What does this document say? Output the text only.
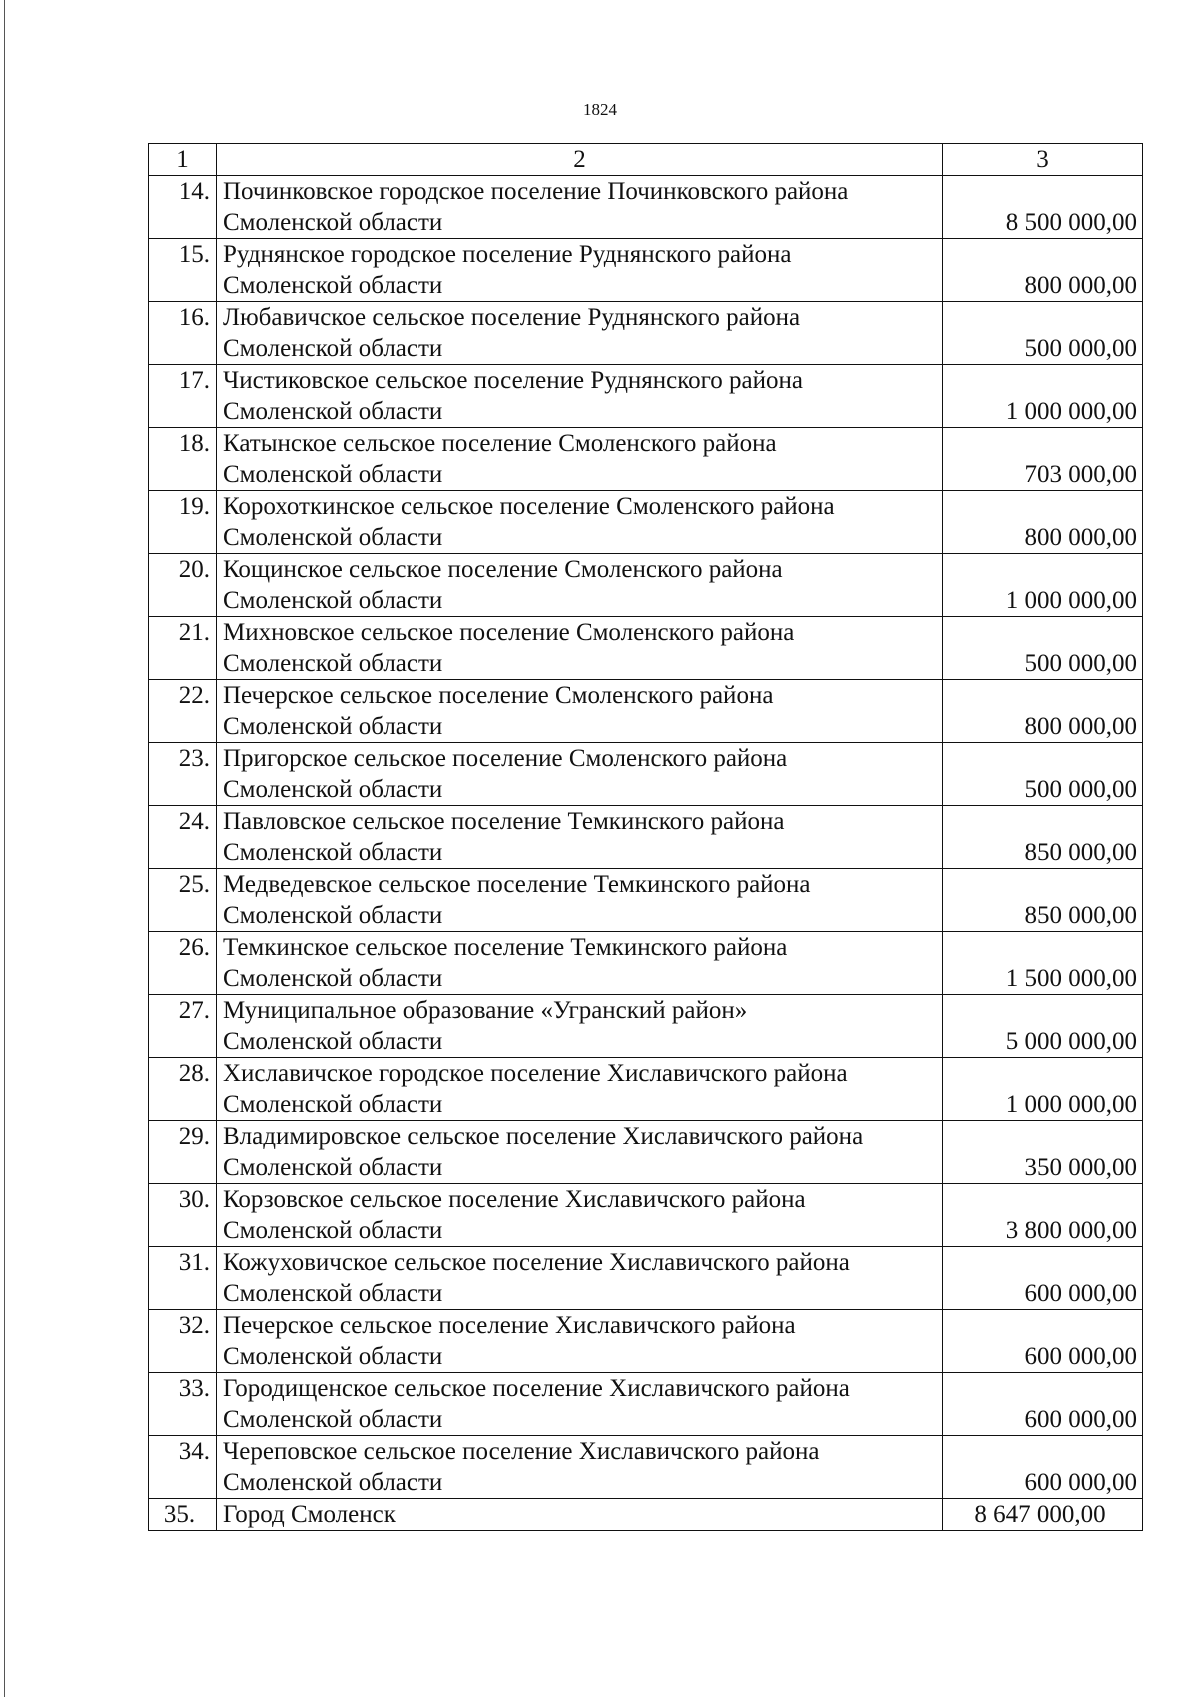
1824
1	2	3
14.	Починковское городское поселение Починковского района
Смоленской области	8 500 000,00
15.	Руднянское городское поселение Руднянского района
Смоленской области	800 000,00
16.	Любавичское сельское поселение Руднянского района
Смоленской области	500 000,00
17.	Чистиковское сельское поселение Руднянского района
Смоленской области	1 000 000,00
18.	Катынское сельское поселение Смоленского района
Смоленской области	703 000,00
19.	Корохоткинское сельское поселение Смоленского района
Смоленской области	800 000,00
20.	Кощинское сельское поселение Смоленского района
Смоленской области	1 000 000,00
21.	Михновское сельское поселение Смоленского района
Смоленской области	500 000,00
22.	Печерское сельское поселение Смоленского района
Смоленской области	800 000,00
23.	Пригорское сельское поселение Смоленского района
Смоленской области	500 000,00
24.	Павловское сельское поселение Темкинского района
Смоленской области	850 000,00
25.	Медведевское сельское поселение Темкинского района
Смоленской области	850 000,00
26.	Темкинское сельское поселение Темкинского района
Смоленской области	1 500 000,00
27.	Муниципальное образование «Угранский район»
Смоленской области	5 000 000,00
28.	Хиславичское городское поселение Хиславичского района
Смоленской области	1 000 000,00
29.	Владимировское сельское поселение Хиславичского района
Смоленской области	350 000,00
30.	Корзовское сельское поселение Хиславичского района
Смоленской области	3 800 000,00
31.	Кожуховичское сельское поселение Хиславичского района
Смоленской области	600 000,00
32.	Печерское сельское поселение Хиславичского района
Смоленской области	600 000,00
33.	Городищенское сельское поселение Хиславичского района
Смоленской области	600 000,00
34.	Череповское сельское поселение Хиславичского района
Смоленской области	600 000,00
35.	Город Смоленск	8 647 000,00
